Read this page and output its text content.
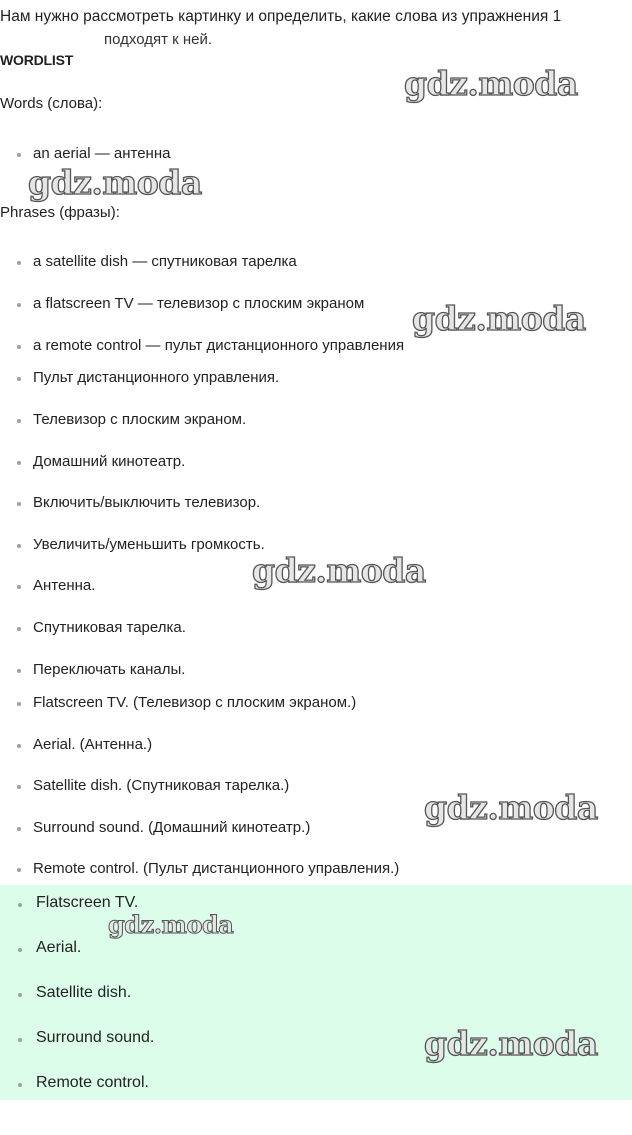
Нам нужно рассмотреть картинку и определить, какие слова из упражнения 1
подходят к ней.
WORDLIST
Words (слова):
an aerial — антенна
Phrases (фразы):
a satellite dish — спутниковая тарелка
a flatscreen TV — телевизор с плоским экраном
a remote control — пульт дистанционного управления
Пульт дистанционного управления.
Телевизор с плоским экраном.
Домашний кинотеатр.
Включить/выключить телевизор.
Увеличить/уменьшить громкость.
Антенна.
Спутниковая тарелка.
Переключать каналы.
Flatscreen TV. (Телевизор с плоским экраном.)
Aerial. (Антенна.)
Satellite dish. (Спутниковая тарелка.)
Surround sound. (Домашний кинотеатр.)
Remote control. (Пульт дистанционного управления.)
Flatscreen TV.
Aerial.
Satellite dish.
Surround sound.
Remote control.
gdz.moda
gdz.moda
gdz.moda
gdz.moda
gdz.moda
gdz.moda
gdz.moda
